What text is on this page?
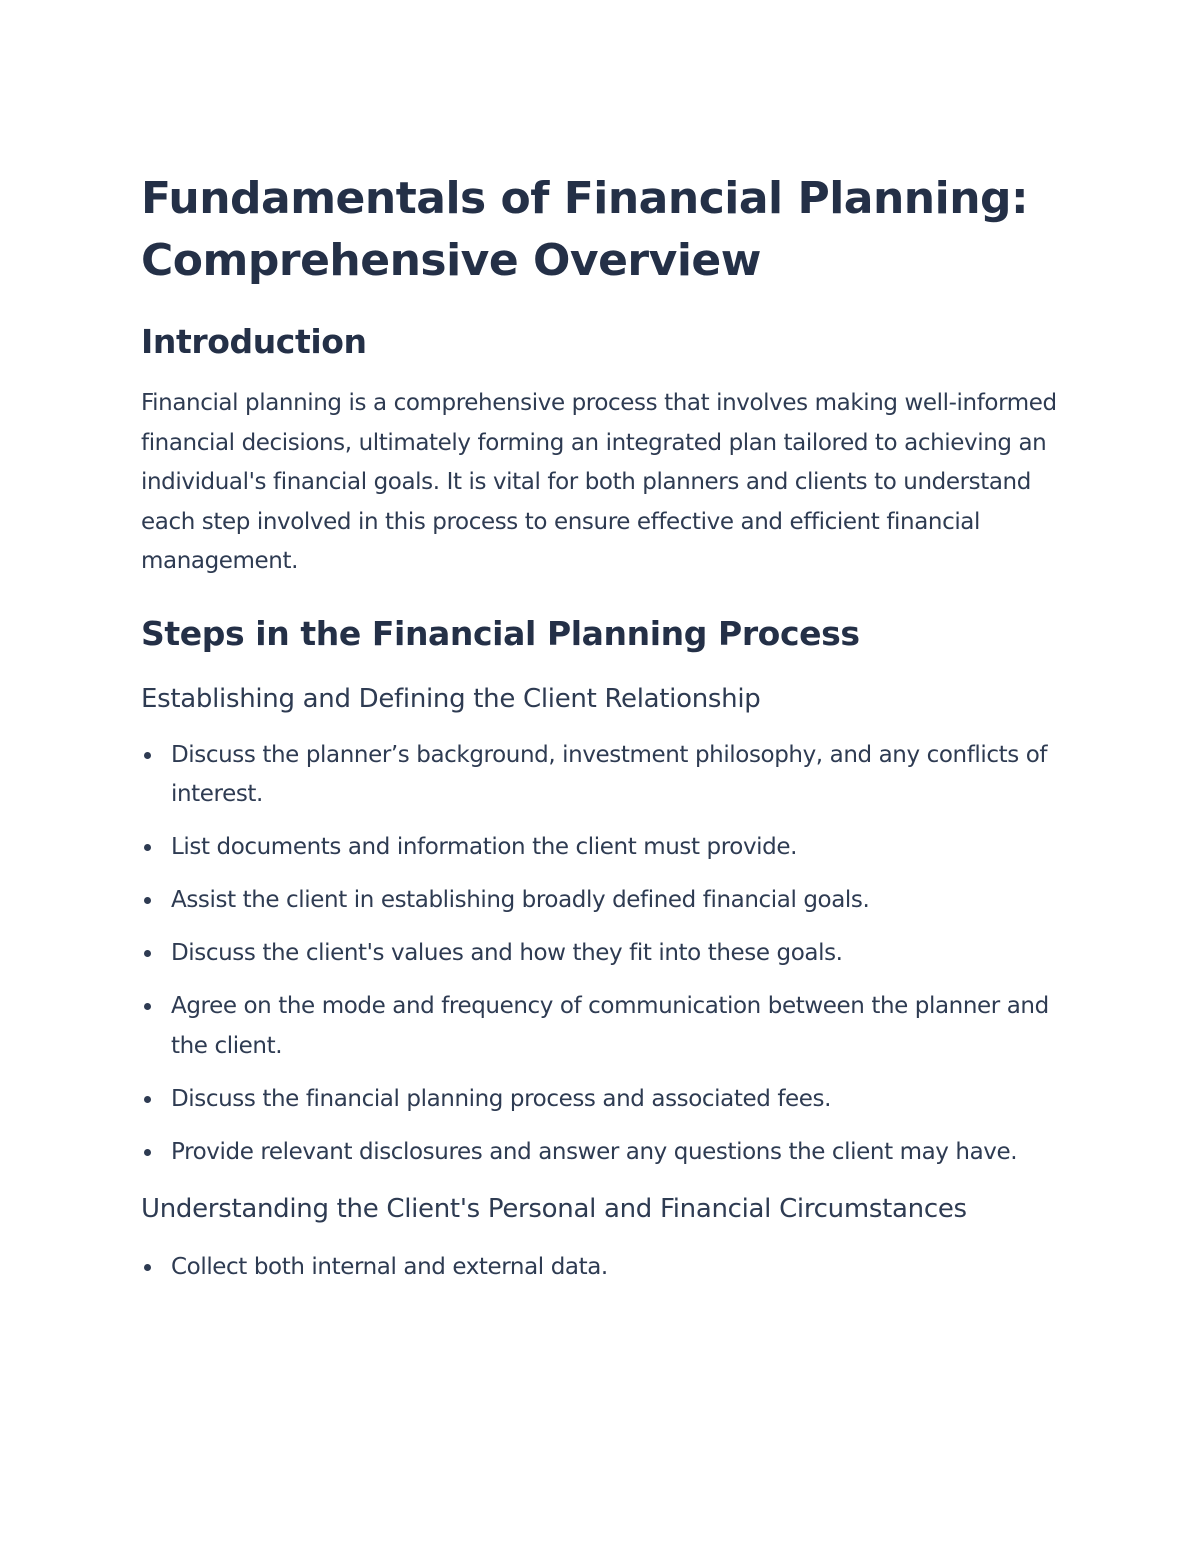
Fundamentals of Financial Planning: Comprehensive Overview
Introduction

Financial planning is a comprehensive process that involves making well-informed financial decisions, ultimately forming an integrated plan tailored to achieving an individual's financial goals. It is vital for both planners and clients to understand each step involved in this process to ensure effective and efficient financial management.

Steps in the Financial Planning Process
Establishing and Defining the Client Relationship
Discuss the planner’s background, investment philosophy, and any conflicts of interest.
List documents and information the client must provide.
Assist the client in establishing broadly defined financial goals.
Discuss the client's values and how they fit into these goals.
Agree on the mode and frequency of communication between the planner and the client.
Discuss the financial planning process and associated fees.
Provide relevant disclosures and answer any questions the client may have.
Understanding the Client's Personal and Financial Circumstances
Collect both internal and external data.
